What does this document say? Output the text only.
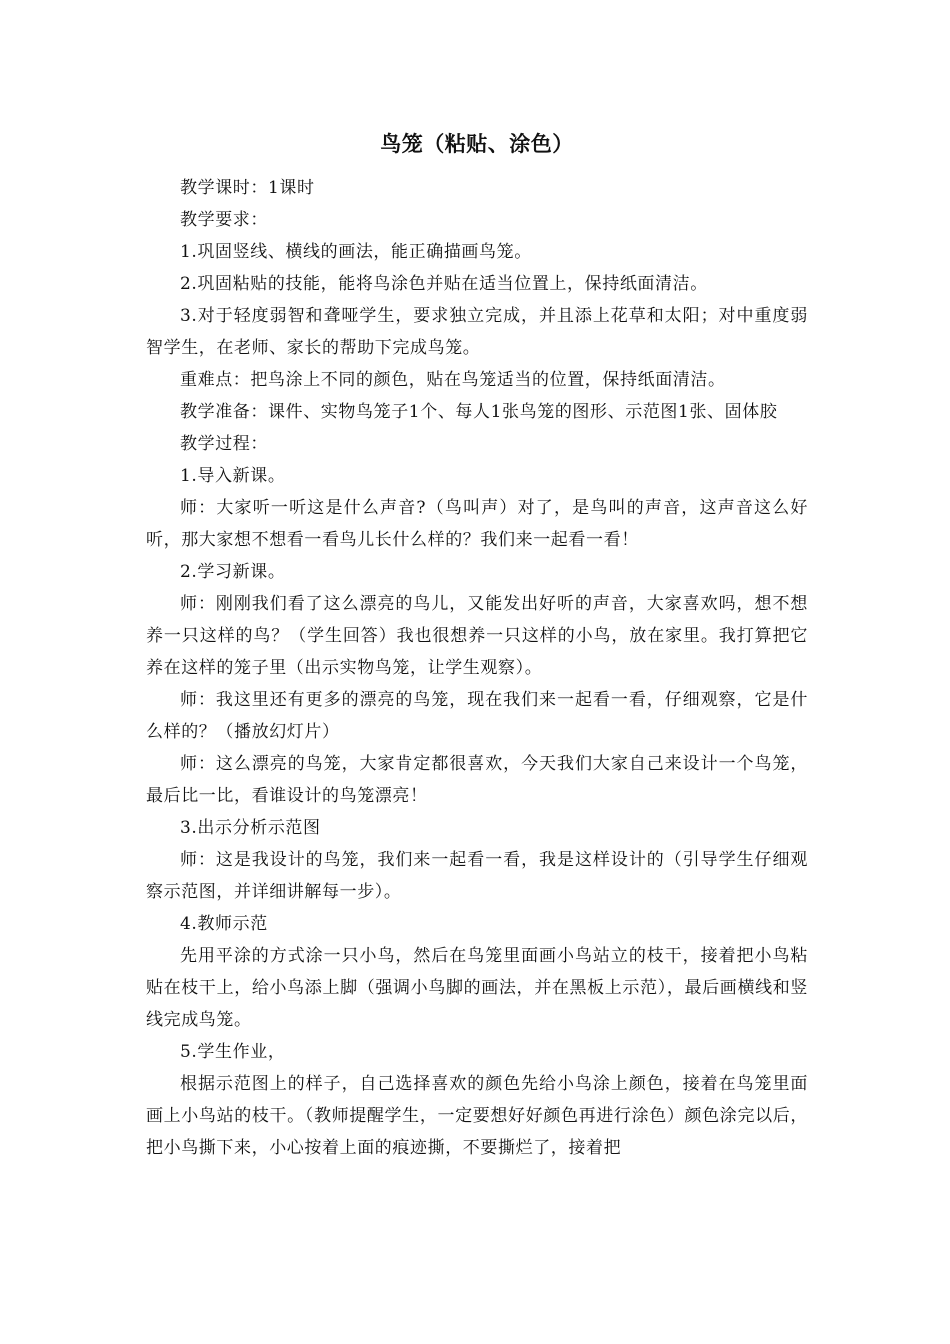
鸟笼（粘贴、涂色）

教学课时：1课时

教学要求：

1.巩固竖线、横线的画法，能正确描画鸟笼。

2.巩固粘贴的技能，能将鸟涂色并贴在适当位置上，保持纸面清洁。

3.对于轻度弱智和聋哑学生，要求独立完成，并且添上花草和太阳；对中重度弱智学生，在老师、家长的帮助下完成鸟笼。

重难点：把鸟涂上不同的颜色，贴在鸟笼适当的位置，保持纸面清洁。

教学准备：课件、实物鸟笼子1个、每人1张鸟笼的图形、示范图1张、固体胶

教学过程：

1.导入新课。

师：大家听一听这是什么声音?（鸟叫声）对了，是鸟叫的声音，这声音这么好听，那大家想不想看一看鸟儿长什么样的？我们来一起看一看！

2.学习新课。

师：刚刚我们看了这么漂亮的鸟儿，又能发出好听的声音，大家喜欢吗，想不想养一只这样的鸟？（学生回答）我也很想养一只这样的小鸟，放在家里。我打算把它养在这样的笼子里（出示实物鸟笼，让学生观察）。

师：我这里还有更多的漂亮的鸟笼，现在我们来一起看一看，仔细观察，它是什么样的？（播放幻灯片）

师：这么漂亮的鸟笼，大家肯定都很喜欢，今天我们大家自己来设计一个鸟笼，最后比一比，看谁设计的鸟笼漂亮！

3.出示分析示范图

师：这是我设计的鸟笼，我们来一起看一看，我是这样设计的（引导学生仔细观察示范图，并详细讲解每一步）。

4.教师示范

先用平涂的方式涂一只小鸟，然后在鸟笼里面画小鸟站立的枝干，接着把小鸟粘贴在枝干上，给小鸟添上脚（强调小鸟脚的画法，并在黑板上示范），最后画横线和竖线完成鸟笼。

5.学生作业，

根据示范图上的样子，自己选择喜欢的颜色先给小鸟涂上颜色，接着在鸟笼里面画上小鸟站的枝干。（教师提醒学生，一定要想好好颜色再进行涂色）颜色涂完以后，把小鸟撕下来，小心按着上面的痕迹撕，不要撕烂了，接着把
